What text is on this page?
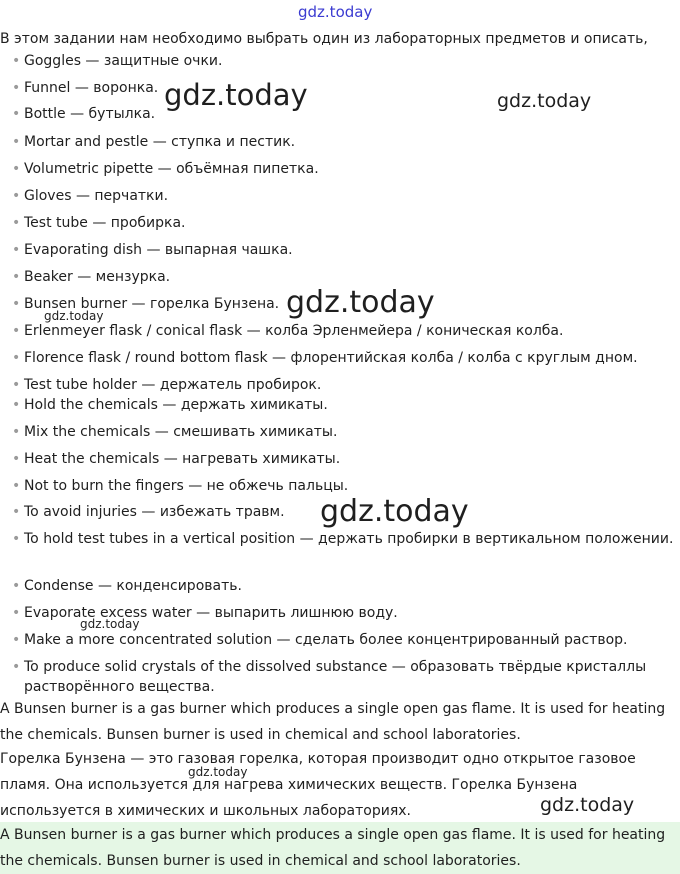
gdz.today
В этом задании нам необходимо выбрать один из лабораторных предметов и описать,
• Goggles — защитные очки.
• Funnel — воронка.
• Bottle — бутылка.
• Mortar and pestle — ступка и пестик.
• Volumetric pipette — объёмная пипетка.
• Gloves — перчатки.
• Test tube — пробирка.
• Evaporating dish — выпарная чашка.
• Beaker — мензурка.
• Bunsen burner — горелка Бунзена.
• Erlenmeyer flask / conical flask — колба Эрленмейера / коническая колба.
• Florence flask / round bottom flask — флорентийская колба / колба с круглым дном.
• Test tube holder — держатель пробирок.
• Hold the chemicals — держать химикаты.
• Mix the chemicals — смешивать химикаты.
• Heat the chemicals — нагревать химикаты.
• Not to burn the fingers — не обжечь пальцы.
• To avoid injuries — избежать травм.
• To hold test tubes in a vertical position — держать пробирки в вертикальном положении.
• Condense — конденсировать.
• Evaporate excess water — выпарить лишнюю воду.
• Make a more concentrated solution — сделать более концентрированный раствор.
• To produce solid crystals of the dissolved substance — образовать твёрдые кристаллы растворённого вещества.
A Bunsen burner is a gas burner which produces a single open gas flame. It is used for heating the chemicals. Bunsen burner is used in chemical and school laboratories.
Горелка Бунзена — это газовая горелка, которая производит одно открытое газовое пламя. Она используется для нагрева химических веществ. Горелка Бунзена используется в химических и школьных лабораториях.
A Bunsen burner is a gas burner which produces a single open gas flame. It is used for heating the chemicals. Bunsen burner is used in chemical and school laboratories.
gdz.today	gdz.today
gdz.today
gdz.today
gdz.today
gdz.today
gdz.today
gdz.today
